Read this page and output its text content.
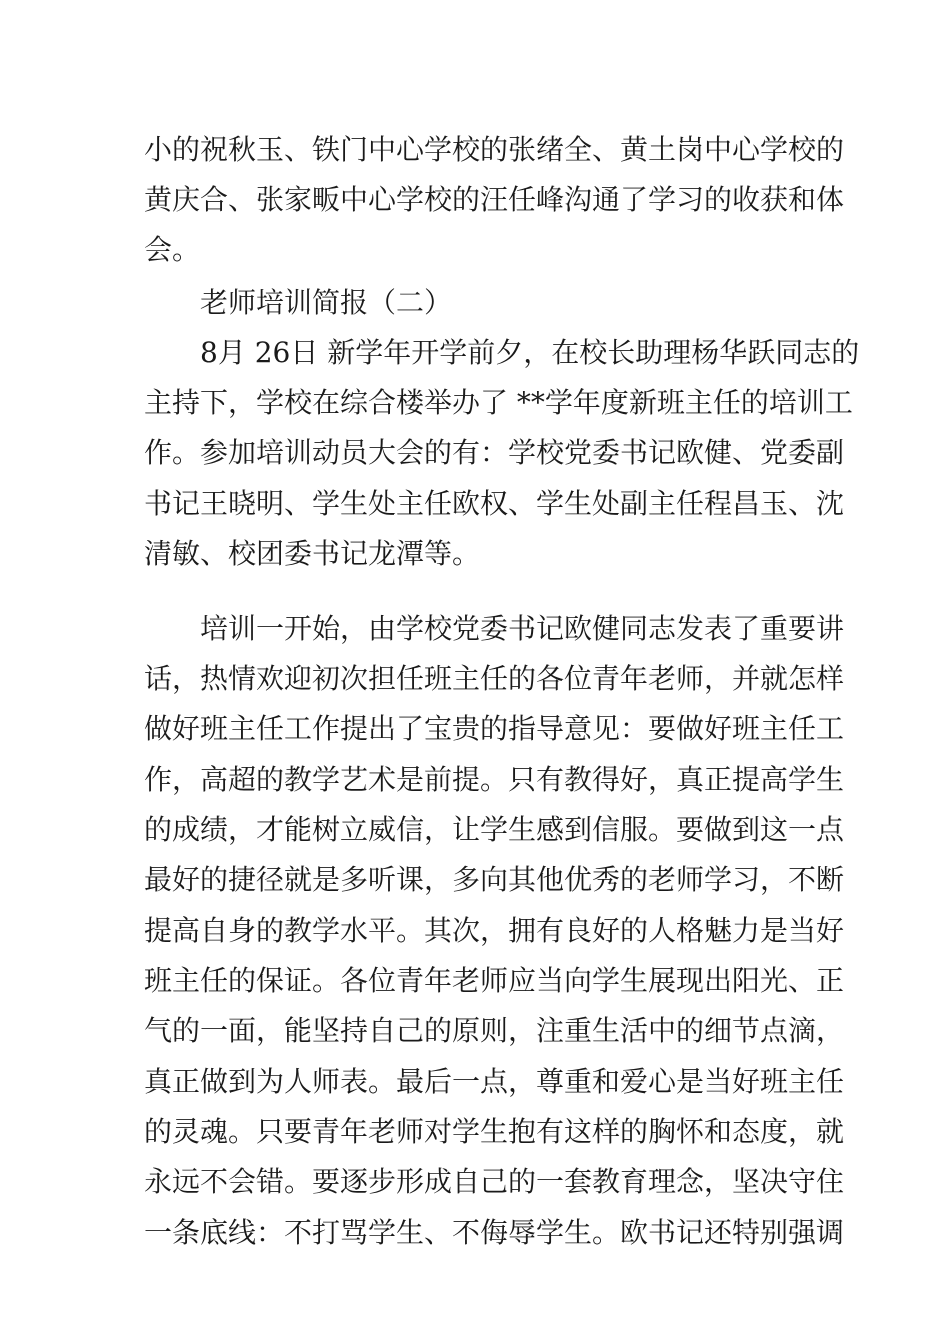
小的祝秋玉、铁门中心学校的张绪全、黄土岗中心学校的

黄庆合、张家畈中心学校的汪任峰沟通了学习的收获和体

会。

老师培训简报（二）

8月 26日 新学年开学前夕，在校长助理杨华跃同志的

主持下，学校在综合楼举办了 **学年度新班主任的培训工

作。参加培训动员大会的有：学校党委书记欧健、党委副

书记王晓明、学生处主任欧权、学生处副主任程昌玉、沈

清敏、校团委书记龙潭等。

培训一开始，由学校党委书记欧健同志发表了重要讲

话，热情欢迎初次担任班主任的各位青年老师，并就怎样

做好班主任工作提出了宝贵的指导意见：要做好班主任工

作，高超的教学艺术是前提。只有教得好，真正提高学生

的成绩，才能树立威信，让学生感到信服。要做到这一点

最好的捷径就是多听课，多向其他优秀的老师学习，不断

提高自身的教学水平。其次，拥有良好的人格魅力是当好

班主任的保证。各位青年老师应当向学生展现出阳光、正

气的一面，能坚持自己的原则，注重生活中的细节点滴，

真正做到为人师表。最后一点，尊重和爱心是当好班主任

的灵魂。只要青年老师对学生抱有这样的胸怀和态度，就

永远不会错。要逐步形成自己的一套教育理念，坚决守住

一条底线：不打骂学生、不侮辱学生。欧书记还特别强调
